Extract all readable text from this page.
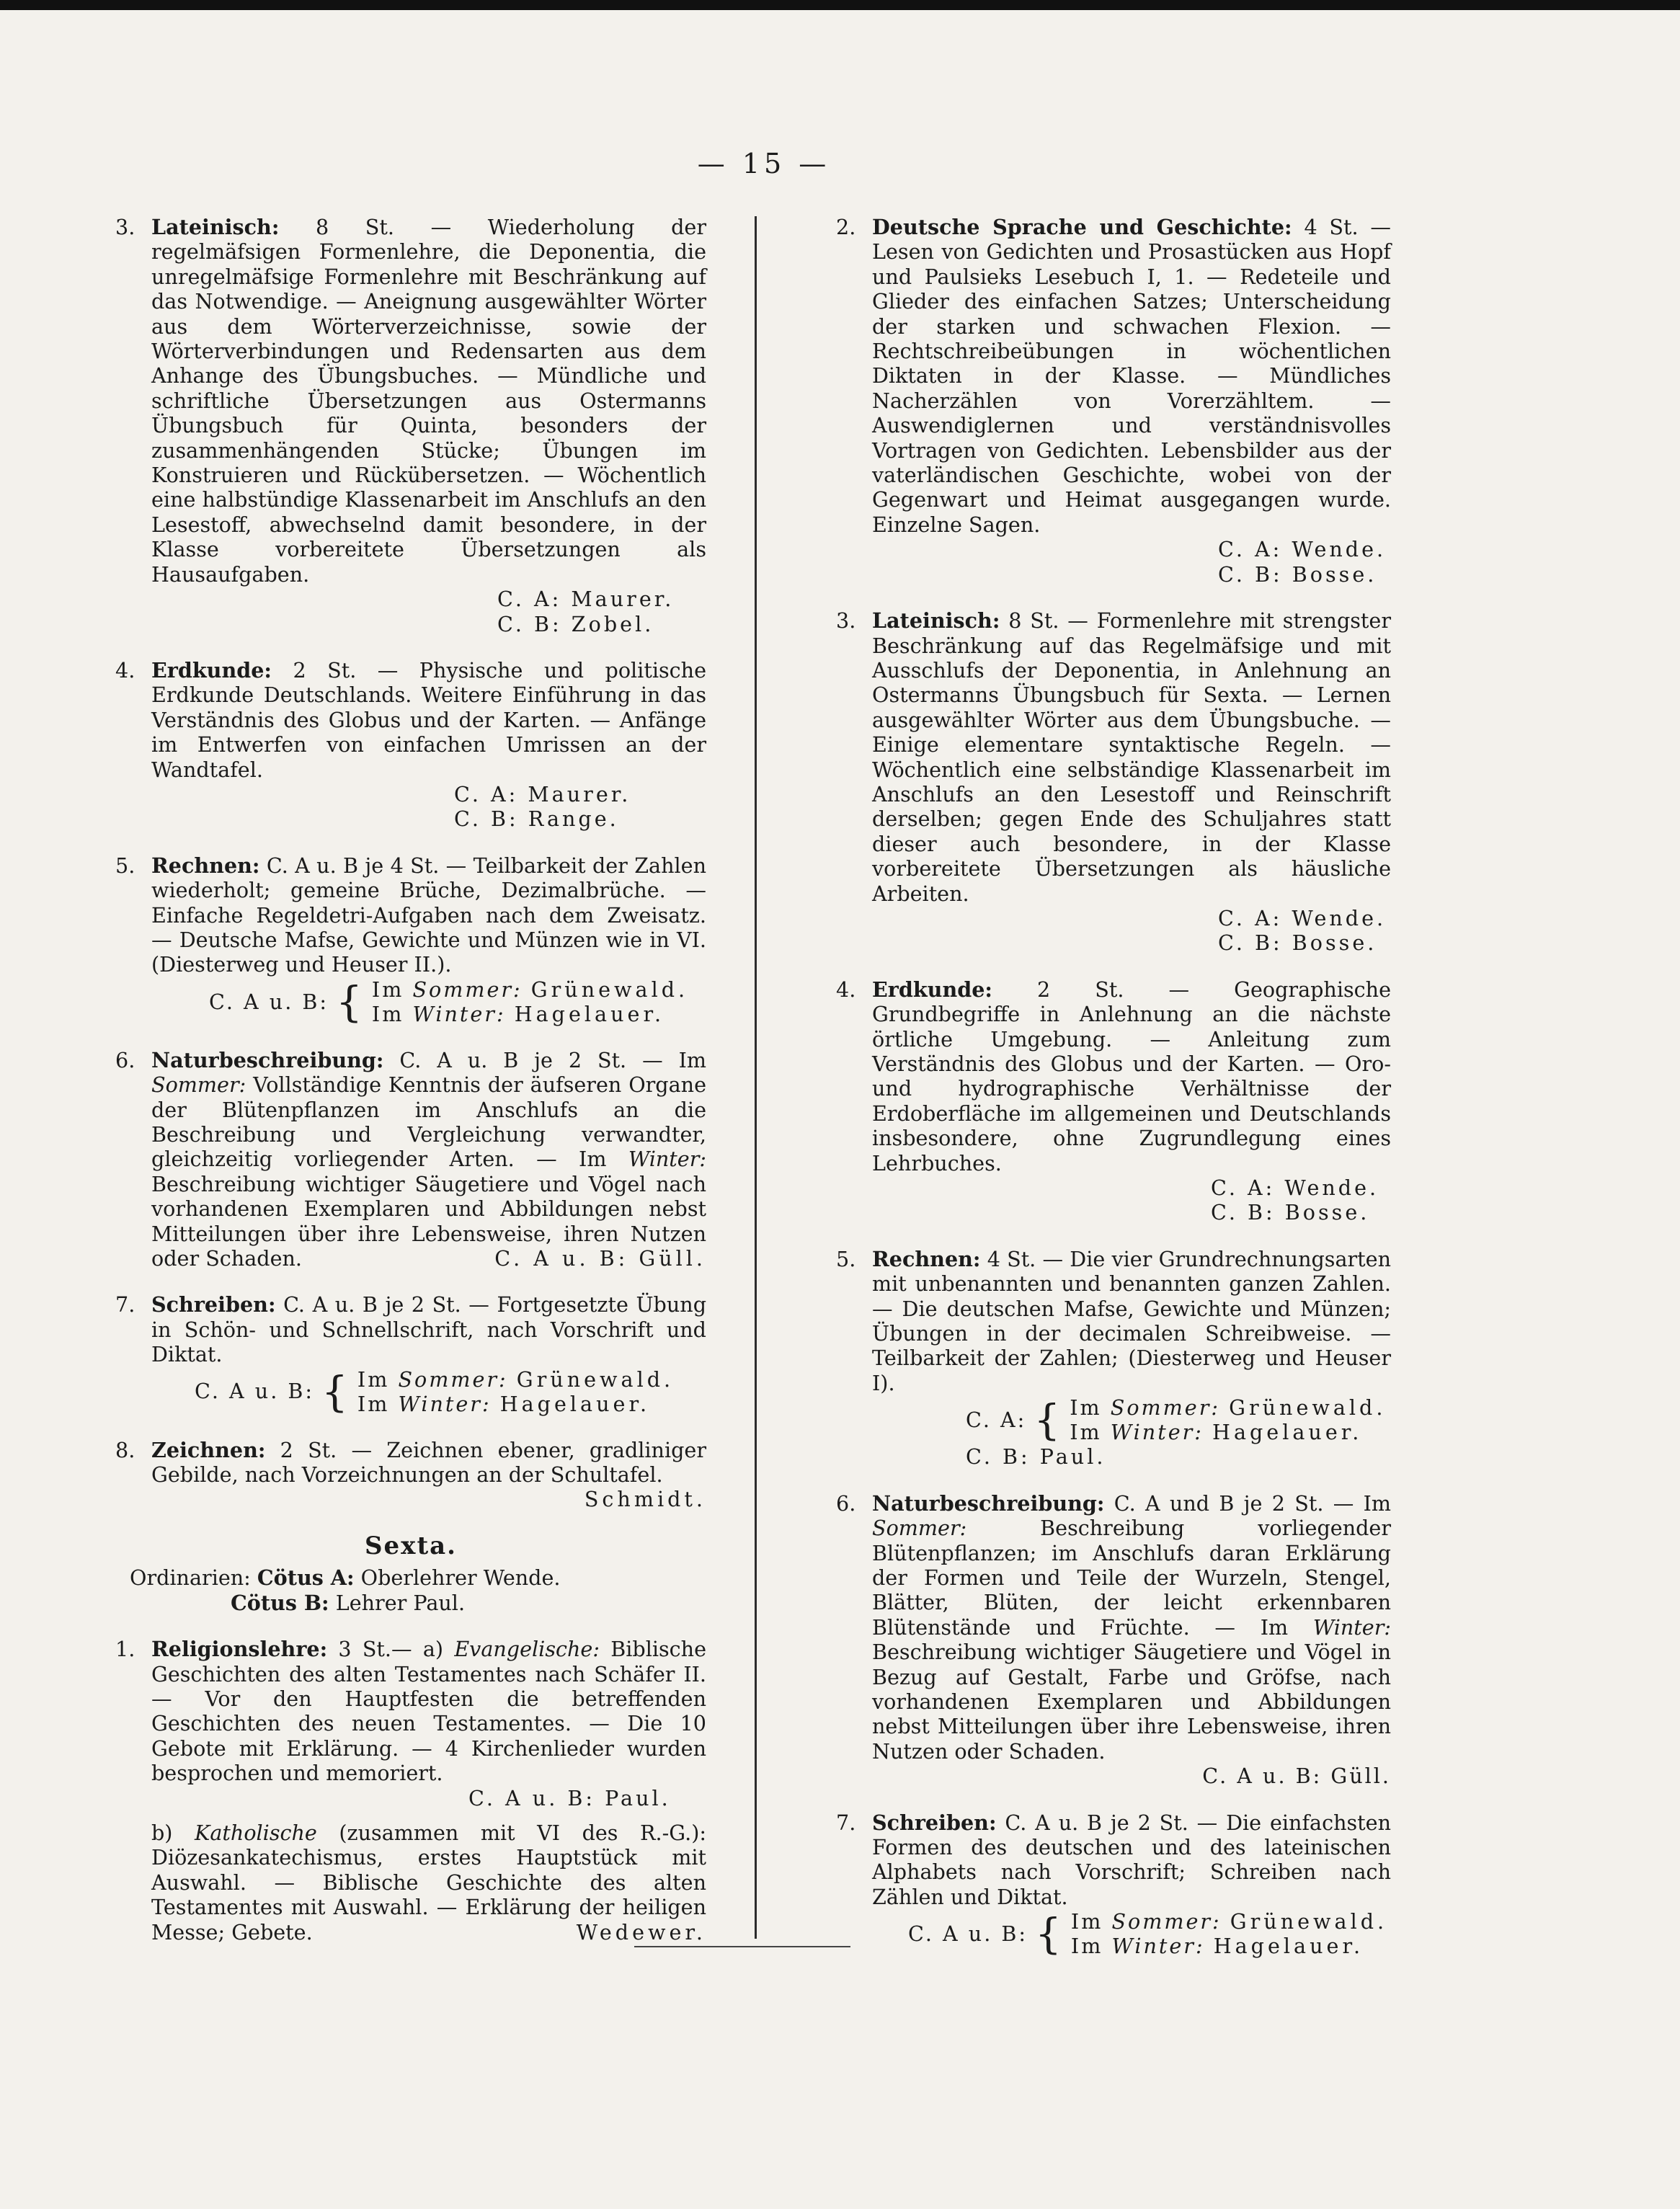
— 15 —
3. Lateinisch: 8 St. — Wiederholung der regelmäfsigen Formenlehre, die Deponentia, die unregelmäfsige Formenlehre mit Beschränkung auf das Notwendige. — Aneignung ausgewählter Wörter aus dem Wörterverzeichnisse, sowie der Wörterverbindungen und Redensarten aus dem Anhange des Übungsbuches. — Mündliche und schriftliche Übersetzungen aus Ostermanns Übungsbuch für Quinta, besonders der zusammenhängenden Stücke; Übungen im Konstruieren und Rückübersetzen. — Wöchentlich eine halbstündige Klassenarbeit im Anschlufs an den Lesestoff, abwechselnd damit besondere, in der Klasse vorbereitete Übersetzungen als Hausaufgaben.

C. A: Maurer.

C. B: Zobel.

4. Erdkunde: 2 St. — Physische und politische Erdkunde Deutschlands. Weitere Einführung in das Verständnis des Globus und der Karten. — Anfänge im Entwerfen von einfachen Umrissen an der Wandtafel.

C. A: Maurer.

C. B: Range.

5. Rechnen: C. A u. B je 4 St. — Teilbarkeit der Zahlen wiederholt; gemeine Brüche, Dezimalbrüche. — Einfache Regeldetri-Aufgaben nach dem Zweisatz. — Deutsche Mafse, Gewichte und Münzen wie in VI. (Diesterweg und Heuser II.).

C. A u. B: { Im Sommer: Grünewald.
Im Winter: Hagelauer.
6. Naturbeschreibung: C. A u. B je 2 St. — Im Sommer: Vollständige Kenntnis der äufseren Organe der Blütenpflanzen im Anschlufs an die Beschreibung und Vergleichung verwandter, gleichzeitig vorliegender Arten. — Im Winter: Beschreibung wichtiger Säugetiere und Vögel nach vorhandenen Exemplaren und Abbildungen nebst Mitteilungen über ihre Lebensweise, ihren Nutzen oder Schaden.	C. A u. B: Güll.

7. Schreiben: C. A u. B je 2 St. — Fortgesetzte Übung in Schön- und Schnellschrift, nach Vorschrift und Diktat.

C. A u. B: { Im Sommer: Grünewald.
Im Winter: Hagelauer.
8. Zeichnen: 2 St. — Zeichnen ebener, gradliniger Gebilde, nach Vorzeichnungen an der Schultafel.

Schmidt.

Sexta.

Ordinarien: Cötus A: Oberlehrer Wende.

Cötus B: Lehrer Paul.

1. Religionslehre: 3 St.— a) Evangelische: Biblische Geschichten des alten Testamentes nach Schäfer II. — Vor den Hauptfesten die betreffenden Geschichten des neuen Testamentes. — Die 10 Gebote mit Erklärung. — 4 Kirchenlieder wurden besprochen und memoriert.

C. A u. B: Paul.

b) Katholische (zusammen mit VI des R.-G.): Diözesankatechismus, erstes Hauptstück mit Auswahl. — Biblische Geschichte des alten Testamentes mit Auswahl. — Erklärung der heiligen Messe; Gebete.	Wedewer.

2. Deutsche Sprache und Geschichte: 4 St. — Lesen von Gedichten und Prosastücken aus Hopf und Paulsieks Lesebuch I, 1. — Redeteile und Glieder des einfachen Satzes; Unterscheidung der starken und schwachen Flexion. — Rechtschreibeübungen in wöchentlichen Diktaten in der Klasse. — Mündliches Nacherzählen von Vorerzähltem. — Auswendiglernen und verständnisvolles Vortragen von Gedichten. Lebensbilder aus der vaterländischen Geschichte, wobei von der Gegenwart und Heimat ausgegangen wurde. Einzelne Sagen.

C. A: Wende.

C. B: Bosse.

3. Lateinisch: 8 St. — Formenlehre mit strengster Beschränkung auf das Regelmäfsige und mit Ausschlufs der Deponentia, in Anlehnung an Ostermanns Übungsbuch für Sexta. — Lernen ausgewählter Wörter aus dem Übungsbuche. — Einige elementare syntaktische Regeln. — Wöchentlich eine selbständige Klassenarbeit im Anschlufs an den Lesestoff und Reinschrift derselben; gegen Ende des Schuljahres statt dieser auch besondere, in der Klasse vorbereitete Übersetzungen als häusliche Arbeiten.

C. A: Wende.

C. B: Bosse.

4. Erdkunde: 2 St. — Geographische Grundbegriffe in Anlehnung an die nächste örtliche Umgebung. — Anleitung zum Verständnis des Globus und der Karten. — Oro- und hydrographische Verhältnisse der Erdoberfläche im allgemeinen und Deutschlands insbesondere, ohne Zugrundlegung eines Lehrbuches.

C. A: Wende.

C. B: Bosse.

5. Rechnen: 4 St. — Die vier Grundrechnungsarten mit unbenannten und benannten ganzen Zahlen. — Die deutschen Mafse, Gewichte und Münzen; Übungen in der decimalen Schreibweise. — Teilbarkeit der Zahlen; (Diesterweg und Heuser I).

C. A: { Im Sommer: Grünewald.
Im Winter: Hagelauer.

C. B: Paul.

6. Naturbeschreibung: C. A und B je 2 St. — Im Sommer:	Beschreibung vorliegender Blütenpflanzen; im Anschlufs daran Erklärung der Formen und Teile der Wurzeln, Stengel, Blätter, Blüten, der leicht erkennbaren Blütenstände und Früchte. — Im Winter: Beschreibung wichtiger Säugetiere und Vögel in Bezug auf Gestalt, Farbe und Gröfse, nach vorhandenen Exemplaren und Abbildungen nebst Mitteilungen über ihre Lebensweise, ihren Nutzen oder Schaden.

C. A u. B: Güll.

7. Schreiben: C. A u. B je 2 St. — Die einfachsten Formen des deutschen und des lateinischen Alphabets nach Vorschrift; Schreiben nach Zählen und Diktat.

C. A u. B: { Im Sommer: Grünewald.
Im Winter: Hagelauer.
